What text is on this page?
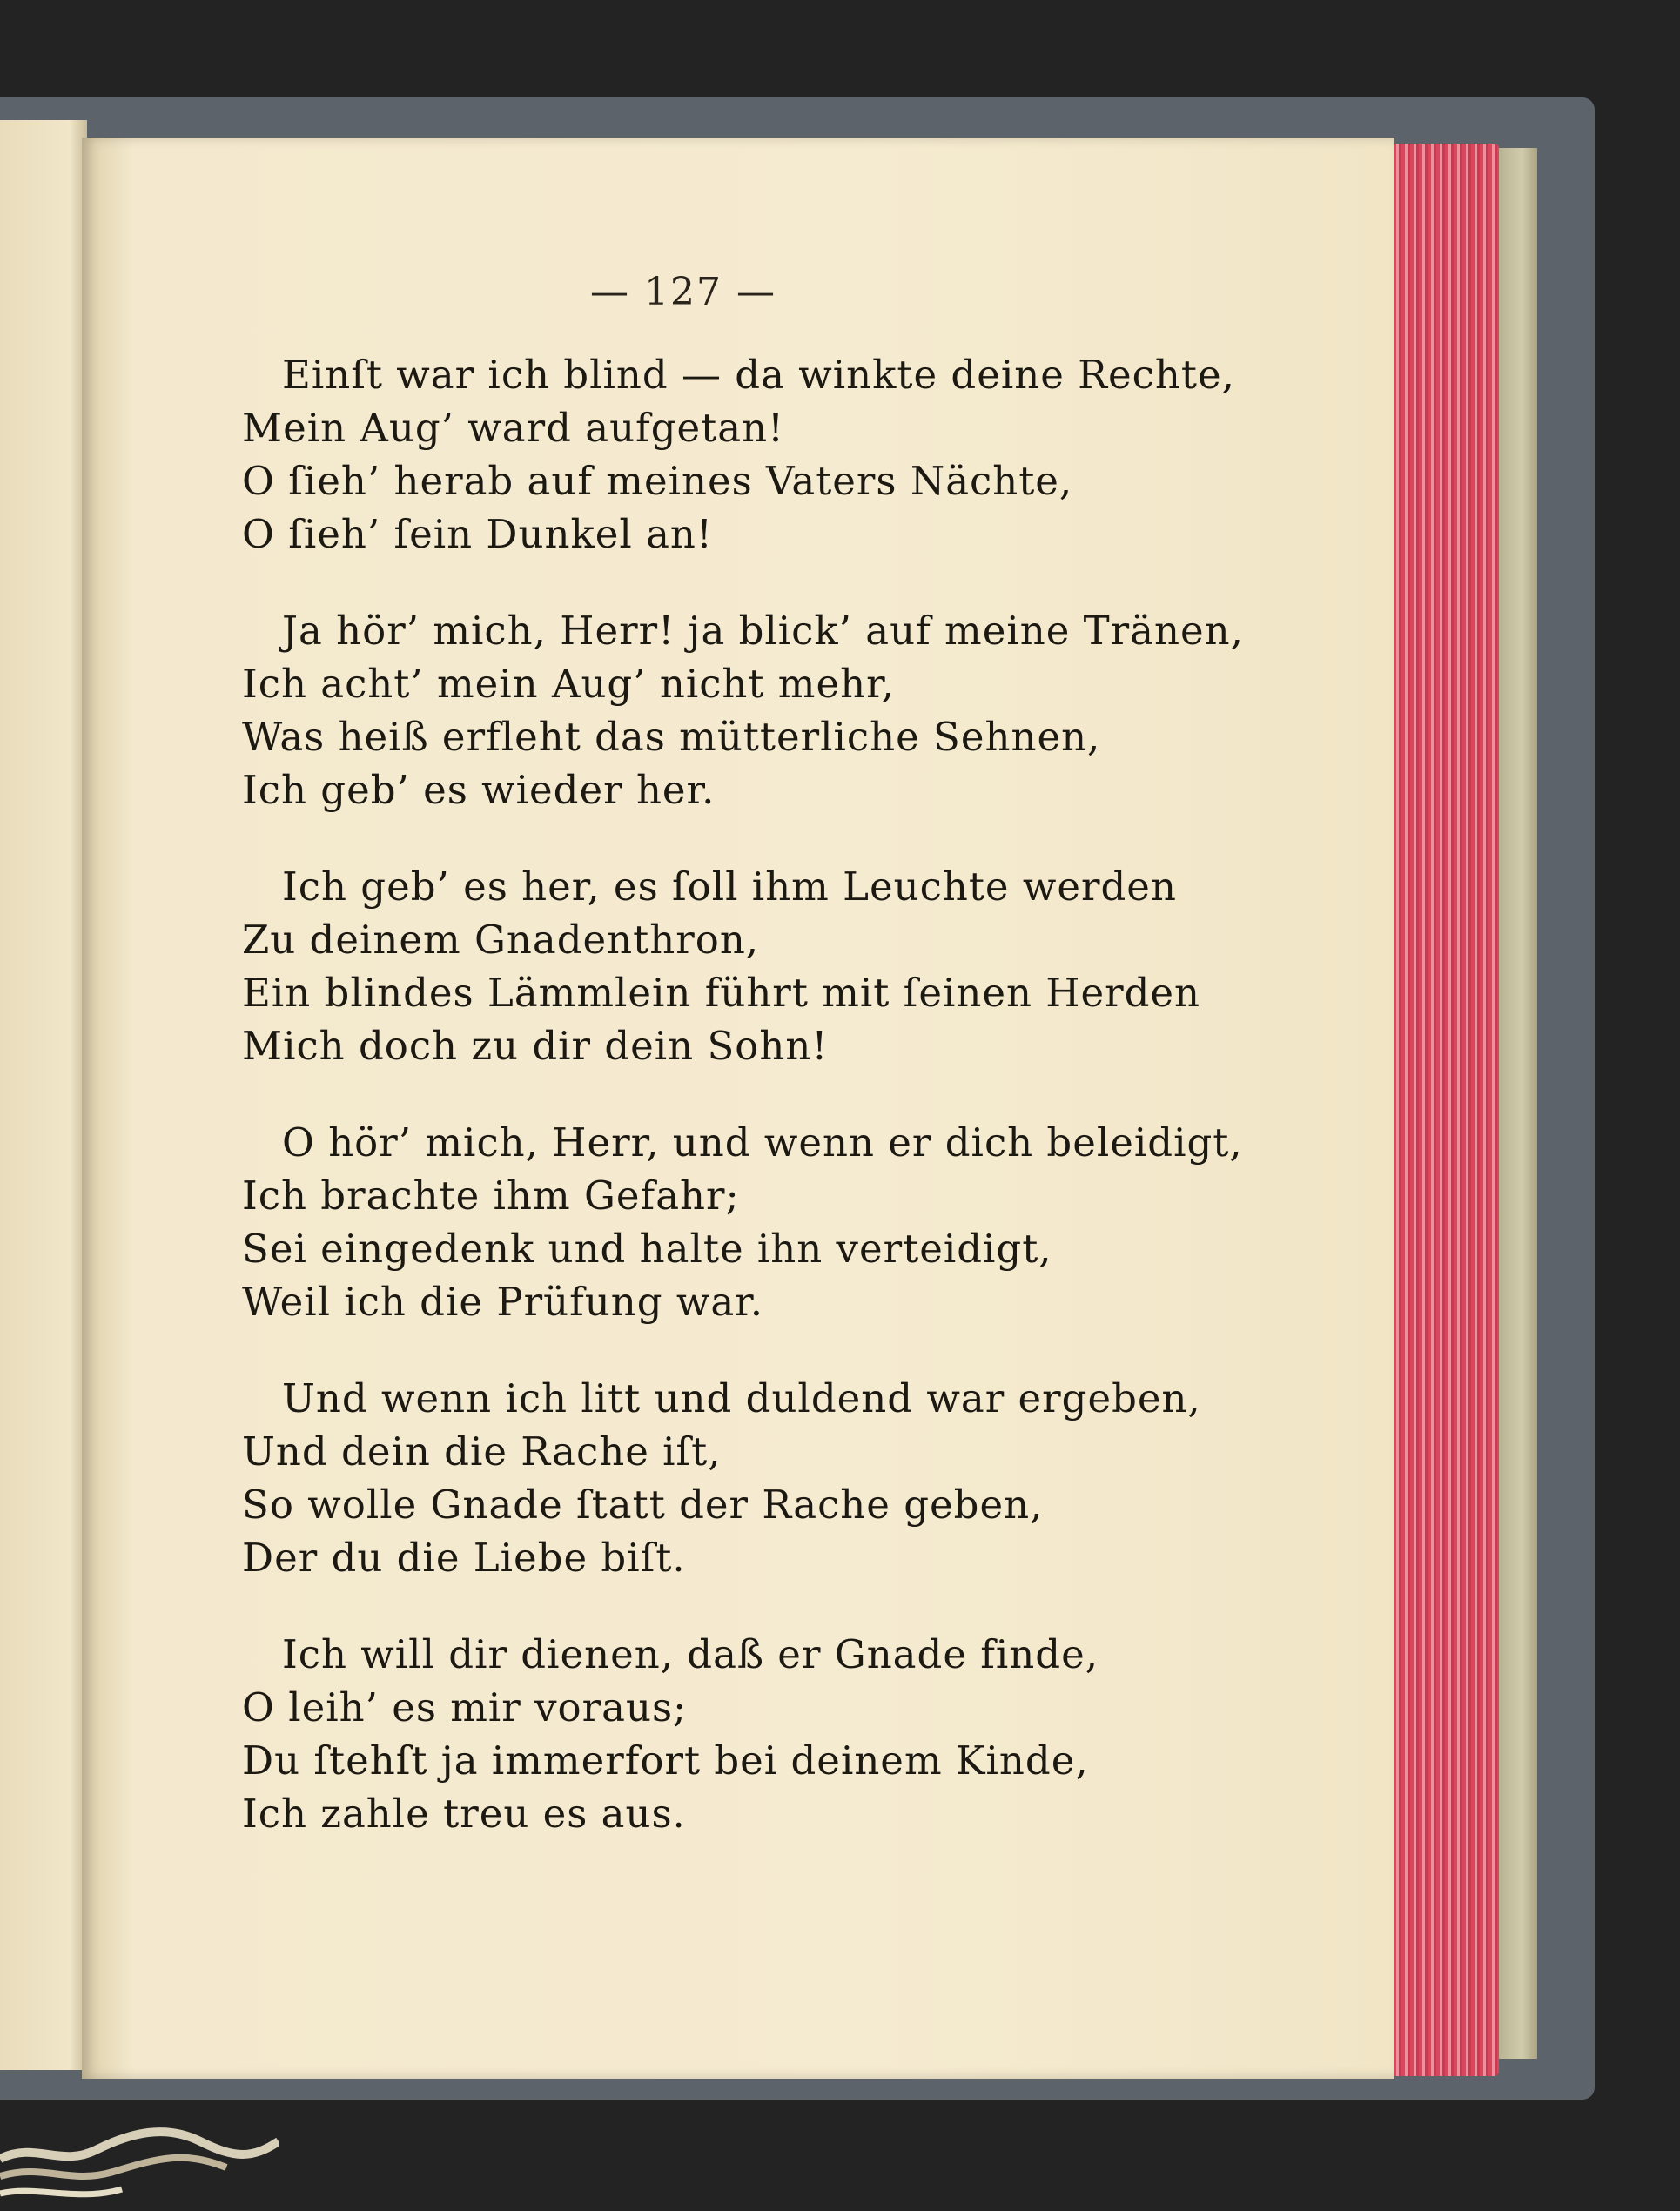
— 127 —
Einſt war ich blind — da winkte deine Rechte,
Mein Aug’ ward aufgetan!
O ſieh’ herab auf meines Vaters Nächte,
O ſieh’ ſein Dunkel an!
Ja hör’ mich, Herr! ja blick’ auf meine Tränen,
Ich acht’ mein Aug’ nicht mehr,
Was heiß erfleht das mütterliche Sehnen,
Ich geb’ es wieder her.
Ich geb’ es her, es ſoll ihm Leuchte werden
Zu deinem Gnadenthron,
Ein blindes Lämmlein führt mit ſeinen Herden
Mich doch zu dir dein Sohn!
O hör’ mich, Herr, und wenn er dich beleidigt,
Ich brachte ihm Gefahr;
Sei eingedenk und halte ihn verteidigt,
Weil ich die Prüfung war.
Und wenn ich litt und duldend war ergeben,
Und dein die Rache iſt,
So wolle Gnade ſtatt der Rache geben,
Der du die Liebe biſt.
Ich will dir dienen, daß er Gnade finde,
O leih’ es mir voraus;
Du ſtehſt ja immerfort bei deinem Kinde,
Ich zahle treu es aus.
